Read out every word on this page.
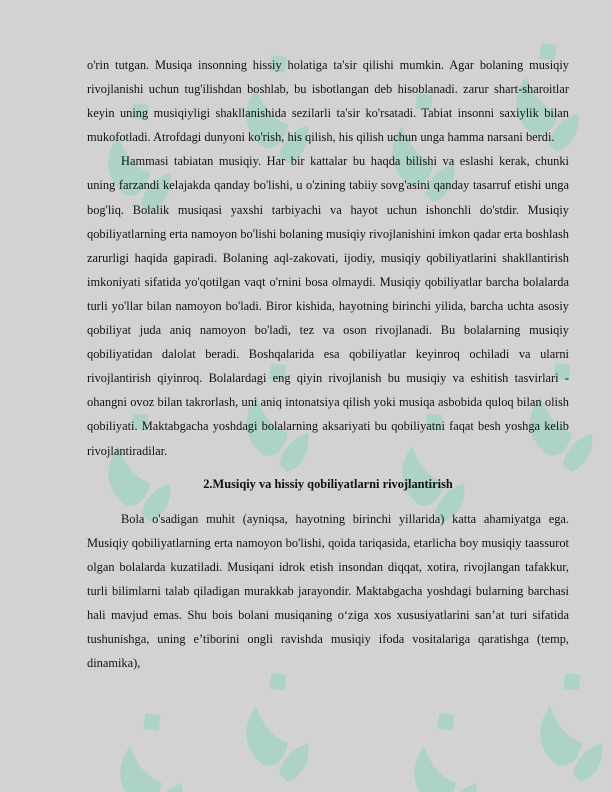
o'rin tutgan. Musiqa insonning hissiy holatiga ta'sir qilishi mumkin. Agar bolaning musiqiy rivojlanishi uchun tug'ilishdan boshlab, bu isbotlangan deb hisoblanadi. zarur shart-sharoitlar keyin uning musiqiyligi shakllanishida sezilarli ta'sir ko'rsatadi. Tabiat insonni saxiylik bilan mukofotladi. Atrofdagi dunyoni ko'rish, his qilish, his qilish uchun unga hamma narsani berdi.

Hammasi tabiatan musiqiy. Har bir kattalar bu haqda bilishi va eslashi kerak, chunki uning farzandi kelajakda qanday bo'lishi, u o'zining tabiiy sovg'asini qanday tasarruf etishi unga bog'liq. Bolalik musiqasi yaxshi tarbiyachi va hayot uchun ishonchli do'stdir. Musiqiy qobiliyatlarning erta namoyon bo'lishi bolaning musiqiy rivojlanishini imkon qadar erta boshlash zarurligi haqida gapiradi. Bolaning aql-zakovati, ijodiy, musiqiy qobiliyatlarini shakllantirish imkoniyati sifatida yo'qotilgan vaqt o'rnini bosa olmaydi. Musiqiy qobiliyatlar barcha bolalarda turli yo'llar bilan namoyon bo'ladi. Biror kishida, hayotning birinchi yilida, barcha uchta asosiy qobiliyat juda aniq namoyon bo'ladi, tez va oson rivojlanadi. Bu bolalarning musiqiy qobiliyatidan dalolat beradi. Boshqalarida esa qobiliyatlar keyinroq ochiladi va ularni rivojlantirish qiyinroq. Bolalardagi eng qiyin rivojlanish bu musiqiy va eshitish tasvirlari - ohangni ovoz bilan takrorlash, uni aniq intonatsiya qilish yoki musiqa asbobida quloq bilan olish qobiliyati. Maktabgacha yoshdagi bolalarning aksariyati bu qobiliyatni faqat besh yoshga kelib rivojlantiradilar.

2.Musiqiy va hissiy qobiliyatlarni rivojlantirish

Bola o'sadigan muhit (ayniqsa, hayotning birinchi yillarida) katta ahamiyatga ega. Musiqiy qobiliyatlarning erta namoyon bo'lishi, qoida tariqasida, etarlicha boy musiqiy taassurot olgan bolalarda kuzatiladi. Musiqani idrok etish insondan diqqat, xotira, rivojlangan tafakkur, turli bilimlarni talab qiladigan murakkab jarayondir. Maktabgacha yoshdagi bularning barchasi hali mavjud emas. Shu bois bolani musiqaning o‘ziga xos xususiyatlarini san’at turi sifatida tushunishga, uning e’tiborini ongli ravishda musiqiy ifoda vositalariga qaratishga (temp, dinamika),
